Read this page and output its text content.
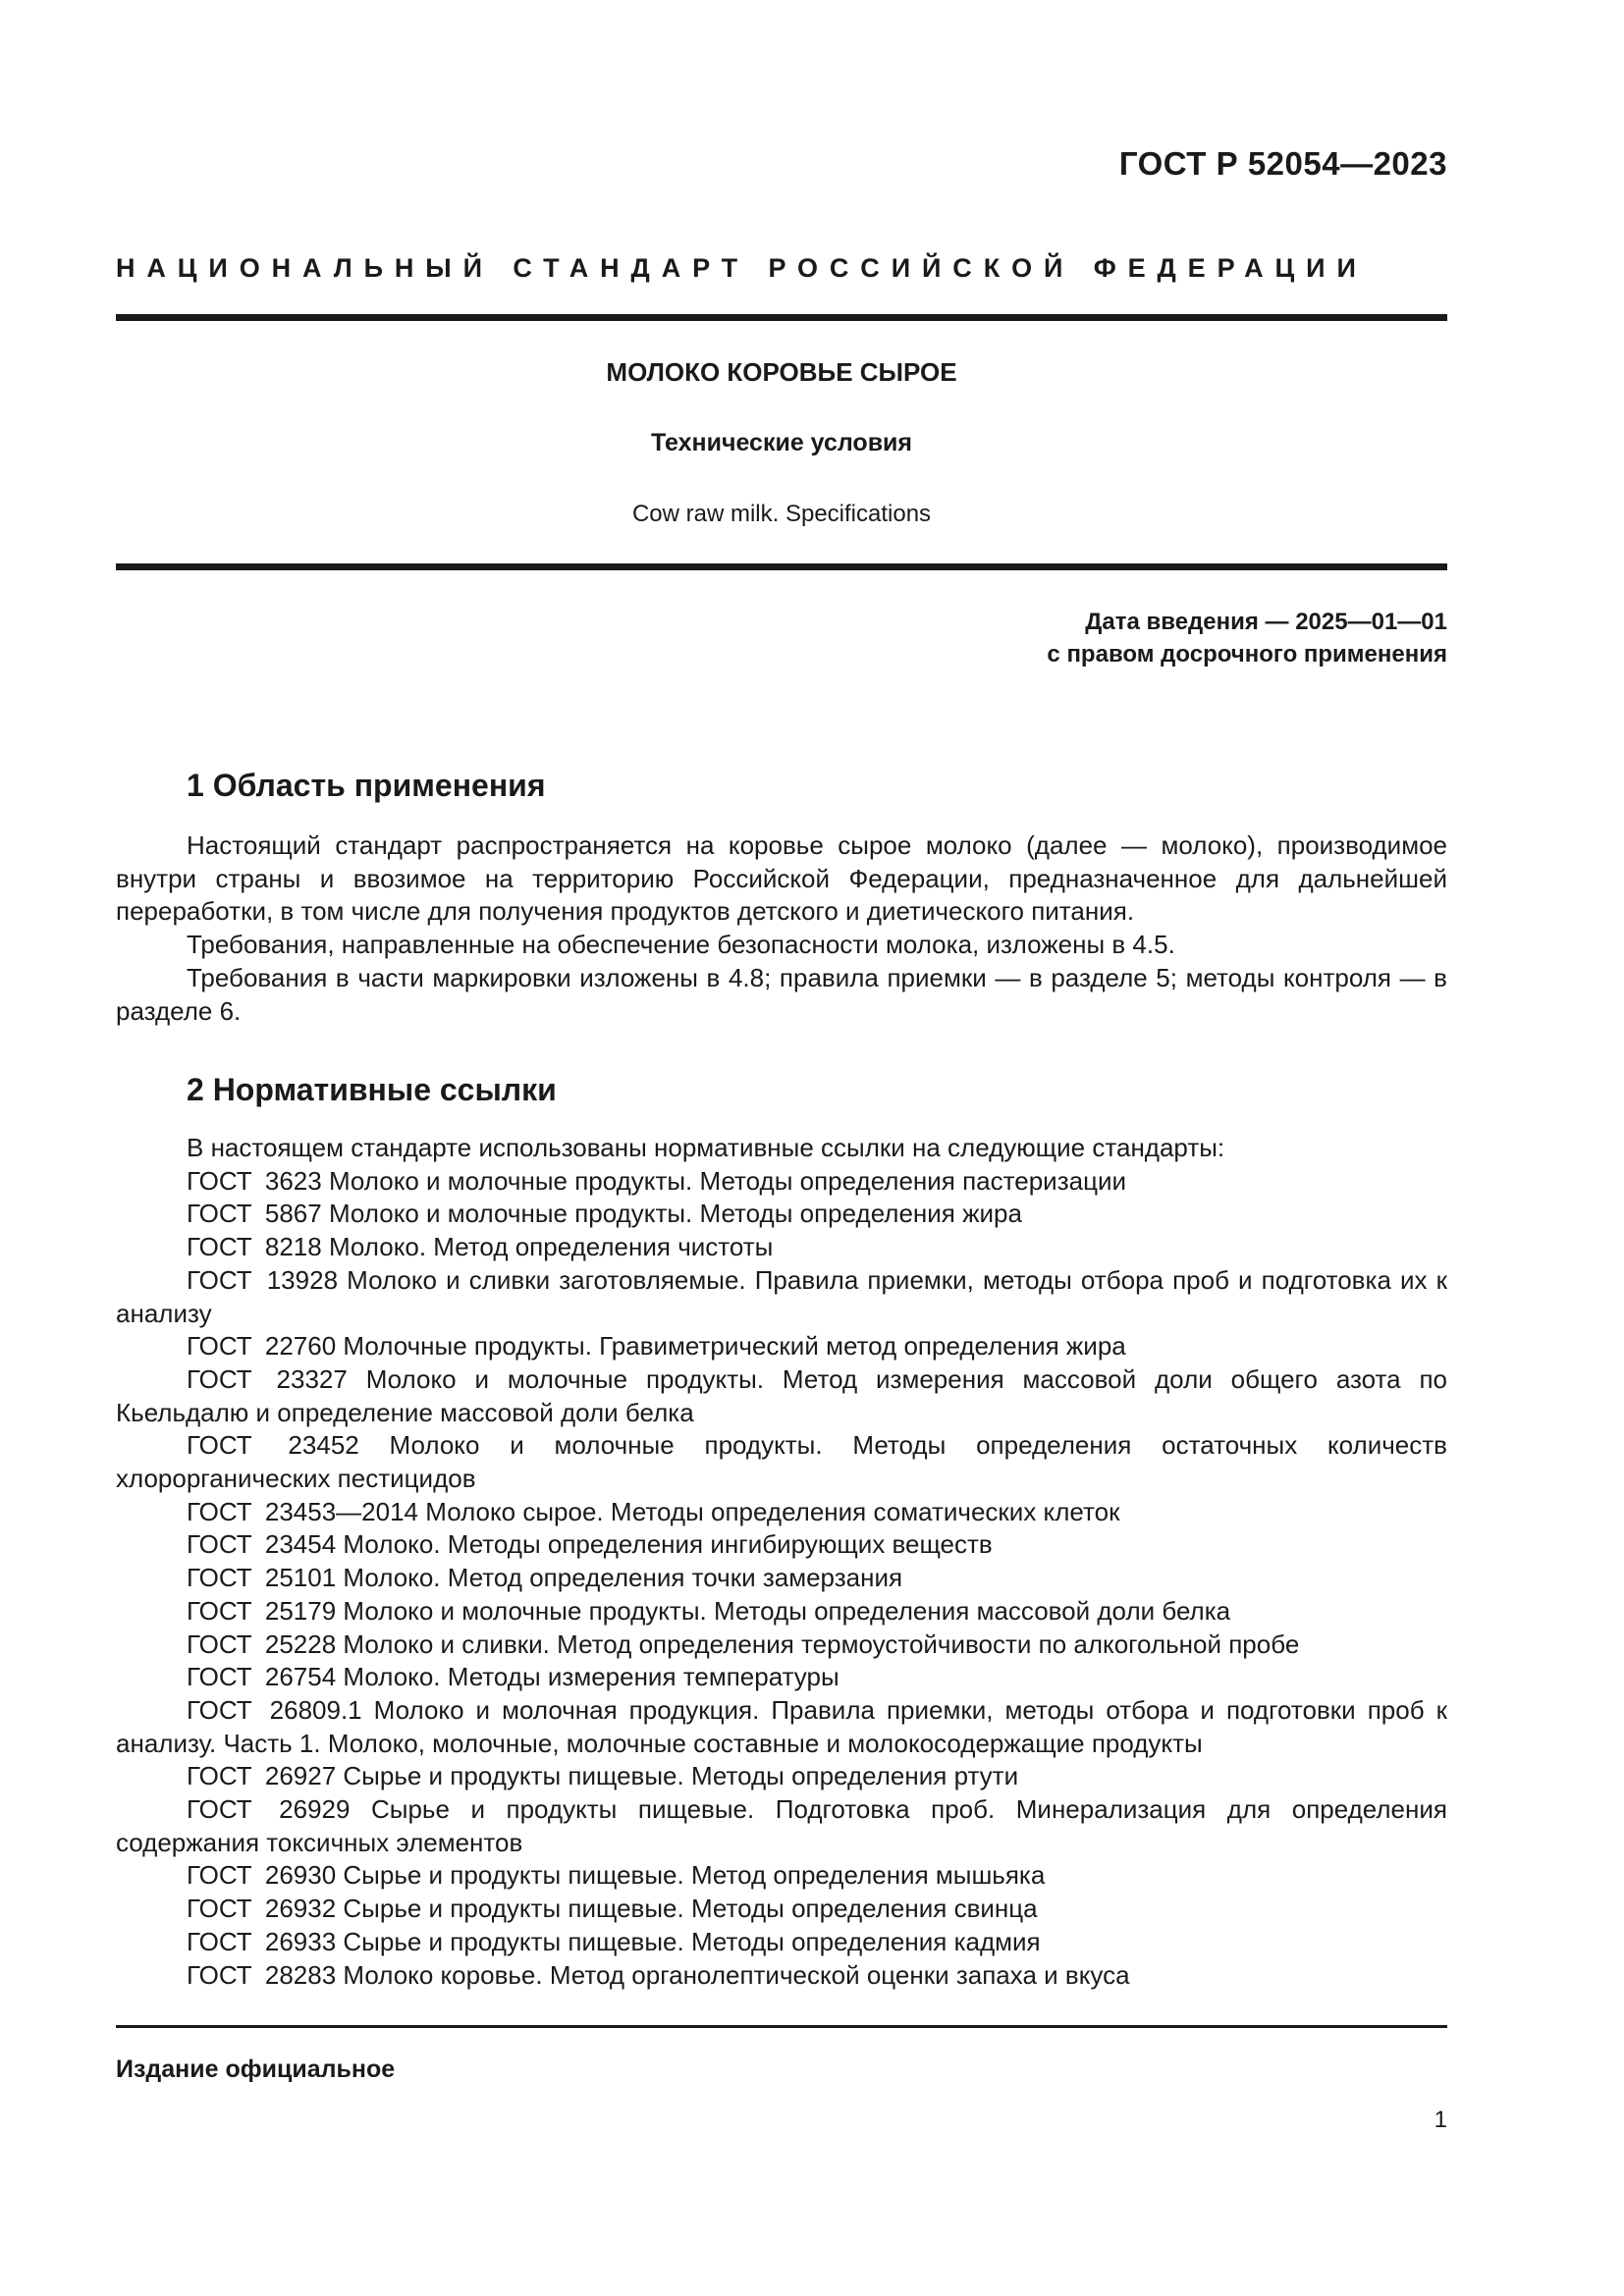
ГОСТ Р 52054—2023
НАЦИОНАЛЬНЫЙ СТАНДАРТ РОССИЙСКОЙ ФЕДЕРАЦИИ
МОЛОКО КОРОВЬЕ СЫРОЕ
Технические условия
Cow raw milk. Specifications
Дата введения — 2025—01—01
с правом досрочного применения
1 Область применения

Настоящий стандарт распространяется на коровье сырое молоко (далее — молоко), производимое внутри страны и ввозимое на территорию Российской Федерации, предназначенное для дальнейшей переработки, в том числе для получения продуктов детского и диетического питания.

Требования, направленные на обеспечение безопасности молока, изложены в 4.5.

Требования в части маркировки изложены в 4.8; правила приемки — в разделе 5; методы контроля — в разделе 6.

2 Нормативные ссылки

В настоящем стандарте использованы нормативные ссылки на следующие стандарты:

ГОСТ 3623 Молоко и молочные продукты. Методы определения пастеризации

ГОСТ 5867 Молоко и молочные продукты. Методы определения жира

ГОСТ 8218 Молоко. Метод определения чистоты

ГОСТ 13928 Молоко и сливки заготовляемые. Правила приемки, методы отбора проб и подготовка их к анализу

ГОСТ 22760 Молочные продукты. Гравиметрический метод определения жира

ГОСТ 23327 Молоко и молочные продукты. Метод измерения массовой доли общего азота по Кьельдалю и определение массовой доли белка

ГОСТ 23452 Молоко и молочные продукты. Методы определения остаточных количеств хлорорганических пестицидов

ГОСТ 23453—2014 Молоко сырое. Методы определения соматических клеток

ГОСТ 23454 Молоко. Методы определения ингибирующих веществ

ГОСТ 25101 Молоко. Метод определения точки замерзания

ГОСТ 25179 Молоко и молочные продукты. Методы определения массовой доли белка

ГОСТ 25228 Молоко и сливки. Метод определения термоустойчивости по алкогольной пробе

ГОСТ 26754 Молоко. Методы измерения температуры

ГОСТ 26809.1 Молоко и молочная продукция. Правила приемки, методы отбора и подготовки проб к анализу. Часть 1. Молоко, молочные, молочные составные и молокосодержащие продукты

ГОСТ 26927 Сырье и продукты пищевые. Методы определения ртути

ГОСТ 26929 Сырье и продукты пищевые. Подготовка проб. Минерализация для определения содержания токсичных элементов

ГОСТ 26930 Сырье и продукты пищевые. Метод определения мышьяка

ГОСТ 26932 Сырье и продукты пищевые. Методы определения свинца

ГОСТ 26933 Сырье и продукты пищевые. Методы определения кадмия

ГОСТ 28283 Молоко коровье. Метод органолептической оценки запаха и вкуса

Издание официальное
1
